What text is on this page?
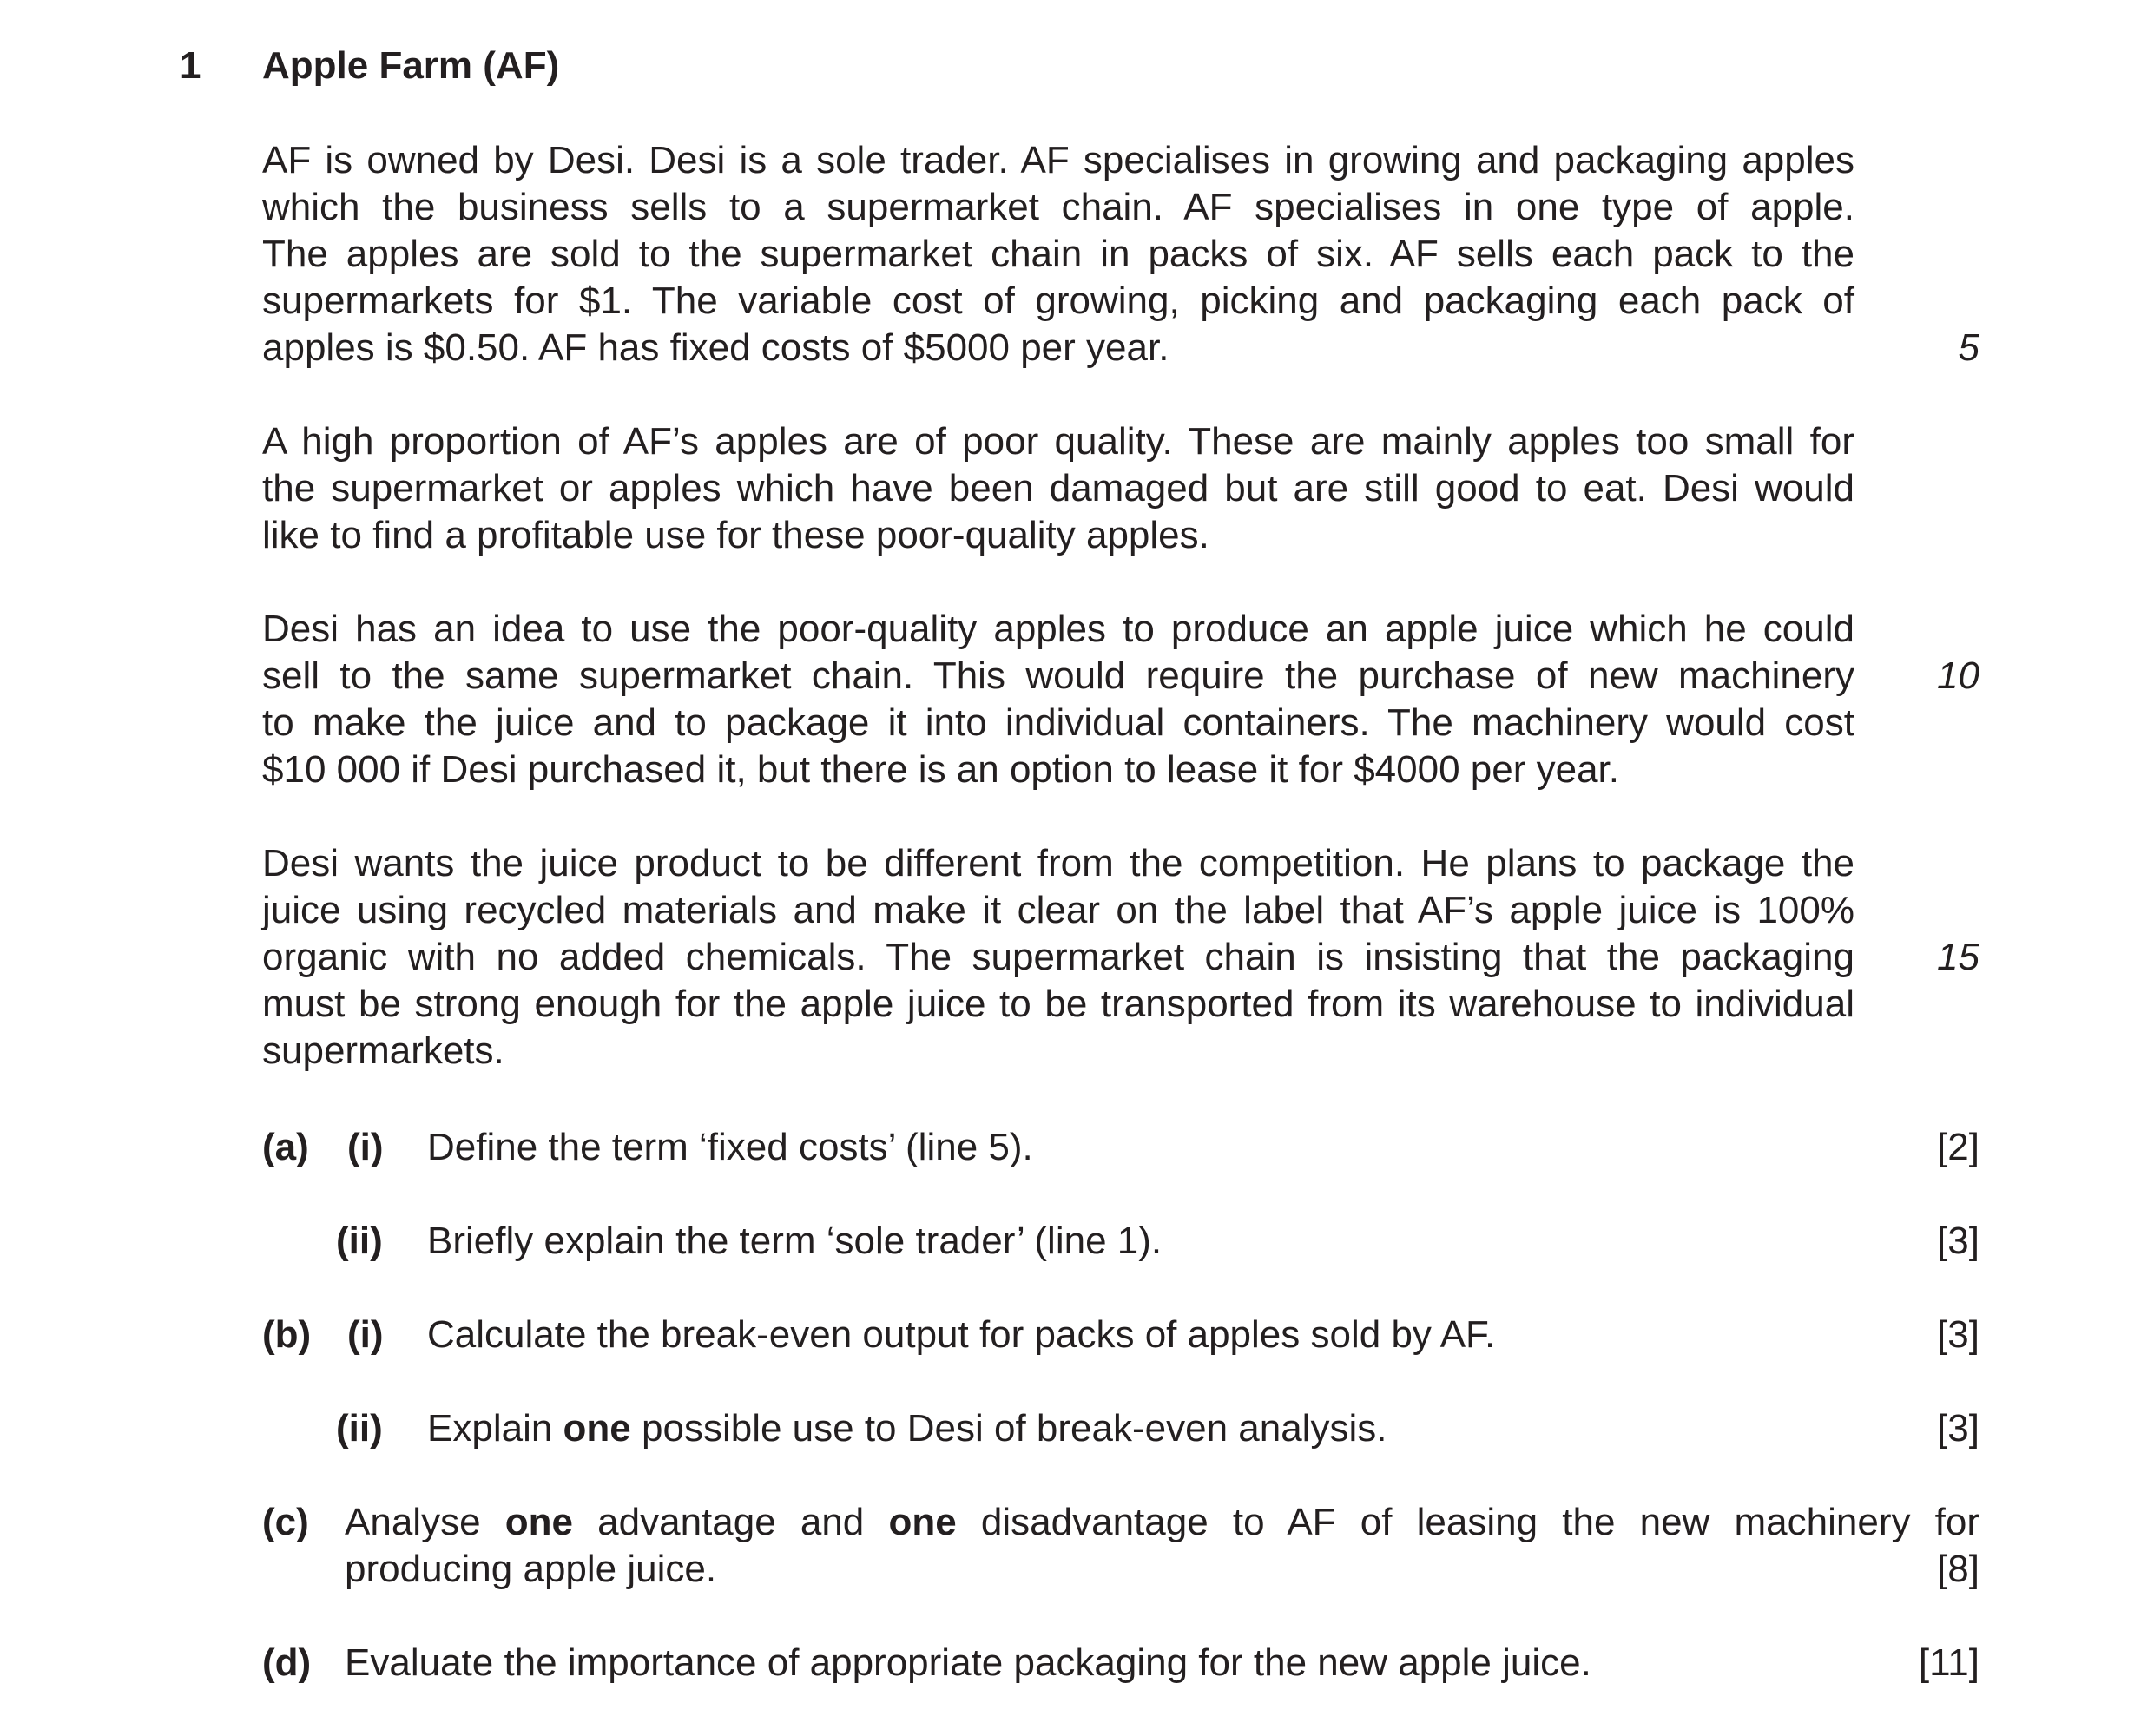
1 Apple Farm (AF)
AF is owned by Desi. Desi is a sole trader. AF specialises in growing and packaging apples
which the business sells to a supermarket chain. AF specialises in one type of apple.
The apples are sold to the supermarket chain in packs of six. AF sells each pack to the
supermarkets for $1. The variable cost of growing, picking and packaging each pack of
apples is $0.50. AF has fixed costs of $5000 per year.	5
A high proportion of AF’s apples are of poor quality. These are mainly apples too small for
the supermarket or apples which have been damaged but are still good to eat. Desi would
like to find a profitable use for these poor-quality apples.
Desi has an idea to use the poor-quality apples to produce an apple juice which he could
sell to the same supermarket chain. This would require the purchase of new machinery	10
to make the juice and to package it into individual containers. The machinery would cost
$10 000 if Desi purchased it, but there is an option to lease it for $4000 per year.
Desi wants the juice product to be different from the competition. He plans to package the
juice using recycled materials and make it clear on the label that AF’s apple juice is 100%
organic with no added chemicals. The supermarket chain is insisting that the packaging	15
must be strong enough for the apple juice to be transported from its warehouse to individual
supermarkets.
(a) (i) Define the term ‘fixed costs’ (line 5).	[2]
(ii) Briefly explain the term ‘sole trader’ (line 1).	[3]
(b) (i) Calculate the break-even output for packs of apples sold by AF.	[3]
(ii) Explain one possible use to Desi of break-even analysis.	[3]
(c) Analyse one advantage and one disadvantage to AF of leasing the new machinery for
producing apple juice.	[8]
(d) Evaluate the importance of appropriate packaging for the new apple juice.	[11]
